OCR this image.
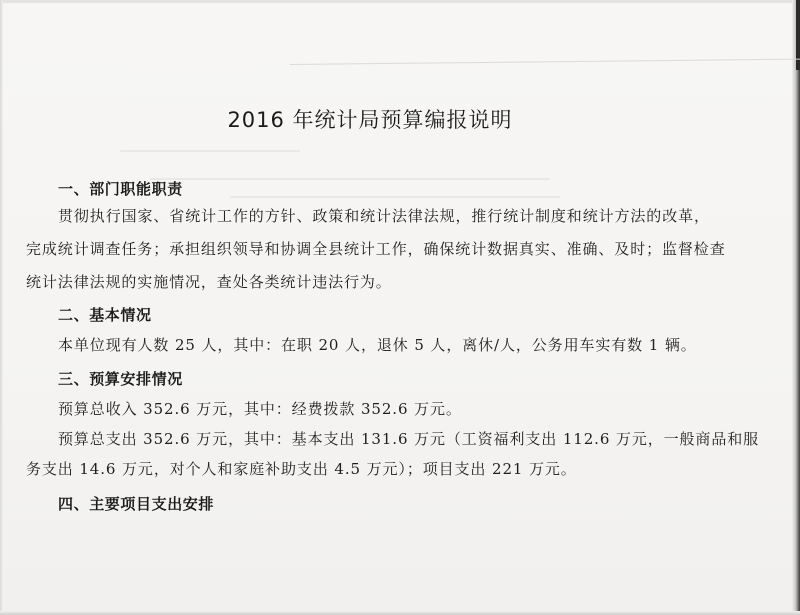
2016 年统计局预算编报说明
一、部门职能职责
贯彻执行国家、省统计工作的方针、政策和统计法律法规，推行统计制度和统计方法的改革，
完成统计调查任务；承担组织领导和协调全县统计工作，确保统计数据真实、准确、及时；监督检查
统计法律法规的实施情况，查处各类统计违法行为。
二、基本情况
本单位现有人数 25 人，其中：在职 20 人，退休 5 人，离休/人，公务用车实有数 1 辆。
三、预算安排情况
预算总收入 352.6 万元，其中：经费拨款 352.6 万元。
预算总支出 352.6 万元，其中：基本支出 131.6 万元（工资福利支出 112.6 万元，一般商品和服
务支出 14.6 万元，对个人和家庭补助支出 4.5 万元）；项目支出 221 万元。
四、主要项目支出安排
